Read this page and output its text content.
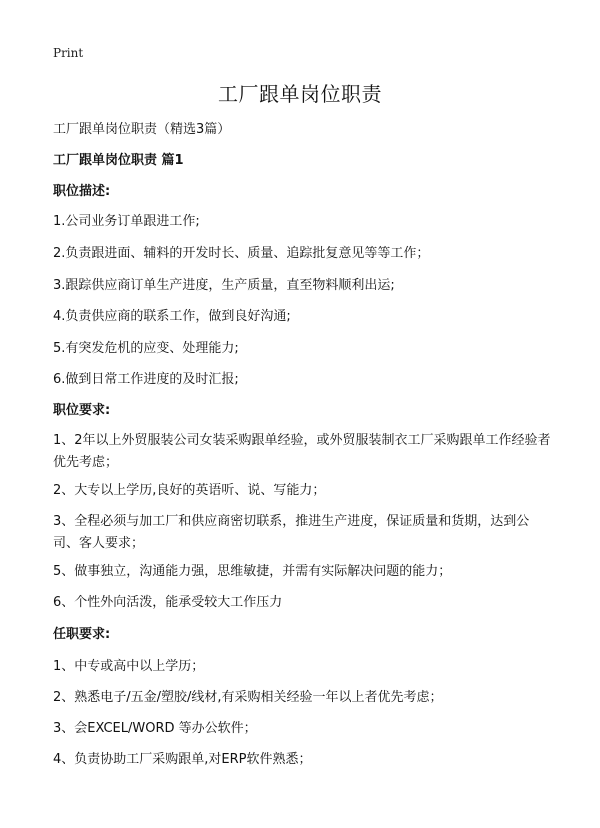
Print
工厂跟单岗位职责
工厂跟单岗位职责（精选3篇）
工厂跟单岗位职责 篇1
职位描述:
1.公司业务订单跟进工作;
2.负责跟进面、辅料的开发时长、质量、追踪批复意见等等工作；
3.跟踪供应商订单生产进度，生产质量，直至物料顺利出运;
4.负责供应商的联系工作，做到良好沟通;
5.有突发危机的应变、处理能力;
6.做到日常工作进度的及时汇报;
职位要求:
1、2年以上外贸服装公司女装采购跟单经验，或外贸服装制衣工厂采购跟单工作经验者优先考虑；
2、大专以上学历,良好的英语听、说、写能力；
3、全程必须与加工厂和供应商密切联系，推进生产进度，保证质量和货期，达到公司、客人要求；
5、做事独立，沟通能力强，思维敏捷，并需有实际解决问题的能力；
6、个性外向活泼，能承受较大工作压力
任职要求:
1、中专或高中以上学历；
2、熟悉电子/五金/塑胶/线材,有采购相关经验一年以上者优先考虑；
3、会EXCEL/WORD 等办公软件；
4、负责协助工厂采购跟单,对ERP软件熟悉；
